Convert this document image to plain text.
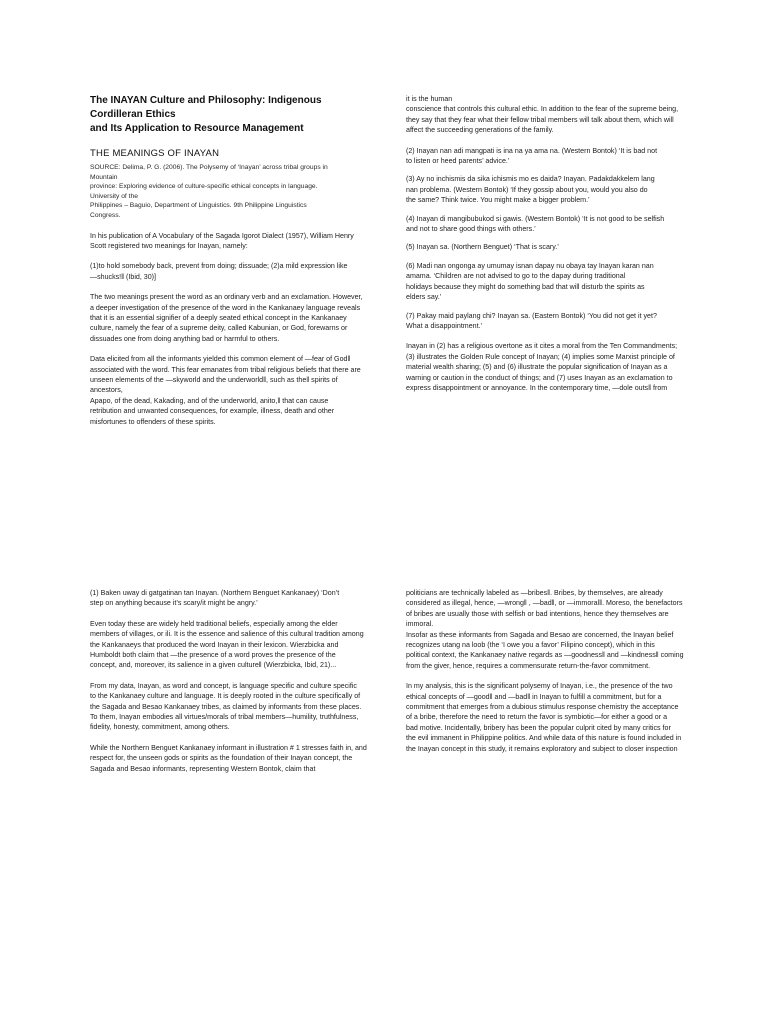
The INAYAN Culture and Philosophy: Indigenous
Cordilleran Ethics
and Its Application to Resource Management
THE MEANINGS OF INAYAN

SOURCE: Delima, P. G. (2006). The Polysemy of ‘Inayan’ across tribal groups in
Mountain
province: Exploring evidence of culture-specific ethical concepts in language.
University of the
Philippines – Baguio, Department of Linguistics. 9th Philippine Linguistics
Congress.

In his publication of A Vocabulary of the Sagada Igorot Dialect (1957), William Henry
Scott registered two meanings for Inayan, namely:

(1)to hold somebody back, prevent from doing; dissuade; (2)a mild expression like
—shucks!‖ (Ibid, 30)]

The two meanings present the word as an ordinary verb and an exclamation. However,
a deeper investigation of the presence of the word in the Kankanaey language reveals
that it is an essential signifier of a deeply seated ethical concept in the Kankanaey
culture, namely the fear of a supreme deity, called Kabunian, or God, forewarns or
dissuades one from doing anything bad or harmful to others.

Data elicited from all the informants yielded this common element of —fear of God‖
associated with the word. This fear emanates from tribal religious beliefs that there are
unseen elements of the —skyworld and the underworld‖, such as the‖ spirits of ancestors,
Apapo, of the dead, Kakading, and of the underworld, anito,‖ that can cause
retribution and unwanted consequences, for example, illness, death and other
misfortunes to offenders of these spirits.

it is the human
conscience that controls this cultural ethic. In addition to the fear of the supreme being,
they say that they fear what their fellow tribal members will talk about them, which will
affect the succeeding generations of the family.

(2) Inayan nan adi mangpati is ina na ya ama na. (Western Bontok) ‘It is bad not
to listen or heed parents’ advice.’

(3) Ay no inchismis da sika ichismis mo es daida? Inayan. Padakdakkelem lang
nan problema. (Western Bontok) ‘If they gossip about you, would you also do
the same? Think twice. You might make a bigger problem.’

(4) Inayan di mangibubukod si gawis. (Western Bontok) ‘It is not good to be selfish
and not to share good things with others.’

(5) Inayan sa. (Northern Benguet) ‘That is scary.’

(6) Madi nan ongonga ay umumay isnan dapay nu obaya tay Inayan karan nan
amama. ‘Children are not advised to go to the dapay during traditional
holidays because they might do something bad that will disturb the spirits as
elders say.’

(7) Pakay maid paylang chi? Inayan sa. (Eastern Bontok) ‘You did not get it yet?
What a disappointment.’

Inayan in (2) has a religious overtone as it cites a moral from the Ten Commandments;
(3) illustrates the Golden Rule concept of Inayan; (4) implies some Marxist principle of
material wealth sharing; (5) and (6) illustrate the popular signification of Inayan as a
warning or caution in the conduct of things; and (7) uses Inayan as an exclamation to
express disappointment or annoyance. In the contemporary time, —dole outs‖ from

(1) Baken uway di gatgatinan tan Inayan. (Northern Benguet Kankanaey) ‘Don’t
step on anything because it’s scary/it might be angry.’

Even today these are widely held traditional beliefs, especially among the elder
members of villages, or ili. It is the essence and salience of this cultural tradition among
the Kankanaeys that produced the word Inayan in their lexicon. Wierzbicka and
Humboldt both claim that —the presence of a word proves the presence of the
concept, and, moreover, its salience in a given culture‖ (Wierzbicka, Ibid, 21)...

From my data, Inayan, as word and concept, is language specific and culture specific
to the Kankanaey culture and language. It is deeply rooted in the culture specifically of
the Sagada and Besao Kankanaey tribes, as claimed by informants from these places.
To them, Inayan embodies all virtues/morals of tribal members—humility, truthfulness,
fidelity, honesty, commitment, among others.

While the Northern Benguet Kankanaey informant in illustration # 1 stresses faith in, and
respect for, the unseen gods or spirits as the foundation of their Inayan concept, the
Sagada and Besao informants, representing Western Bontok, claim that

politicians are technically labeled as —bribes‖. Bribes, by themselves, are already
considered as illegal, hence, —wrong‖ , —bad‖, or —immoral‖. Moreso, the benefactors
of bribes are usually those with selfish or bad intentions, hence they themselves are
immoral.
Insofar as these informants from Sagada and Besao are concerned, the Inayan belief
recognizes utang na loob (the ‘I owe you a favor’ Filipino concept), which in this
political context, the Kankanaey native regards as —goodness‖ and —kindness‖ coming
from the giver, hence, requires a commensurate return-the-favor commitment.

In my analysis, this is the significant polysemy of Inayan, i.e., the presence of the two
ethical concepts of —good‖ and —bad‖ in Inayan to fulfill a commitment, but for a
commitment that emerges from a dubious stimulus response chemistry the acceptance
of a bribe, therefore the need to return the favor is symbiotic—for either a good or a
bad motive. Incidentally, bribery has been the popular culprit cited by many critics for
the evil immanent in Philippine politics. And while data of this nature is found included in
the Inayan concept in this study, it remains exploratory and subject to closer inspection
